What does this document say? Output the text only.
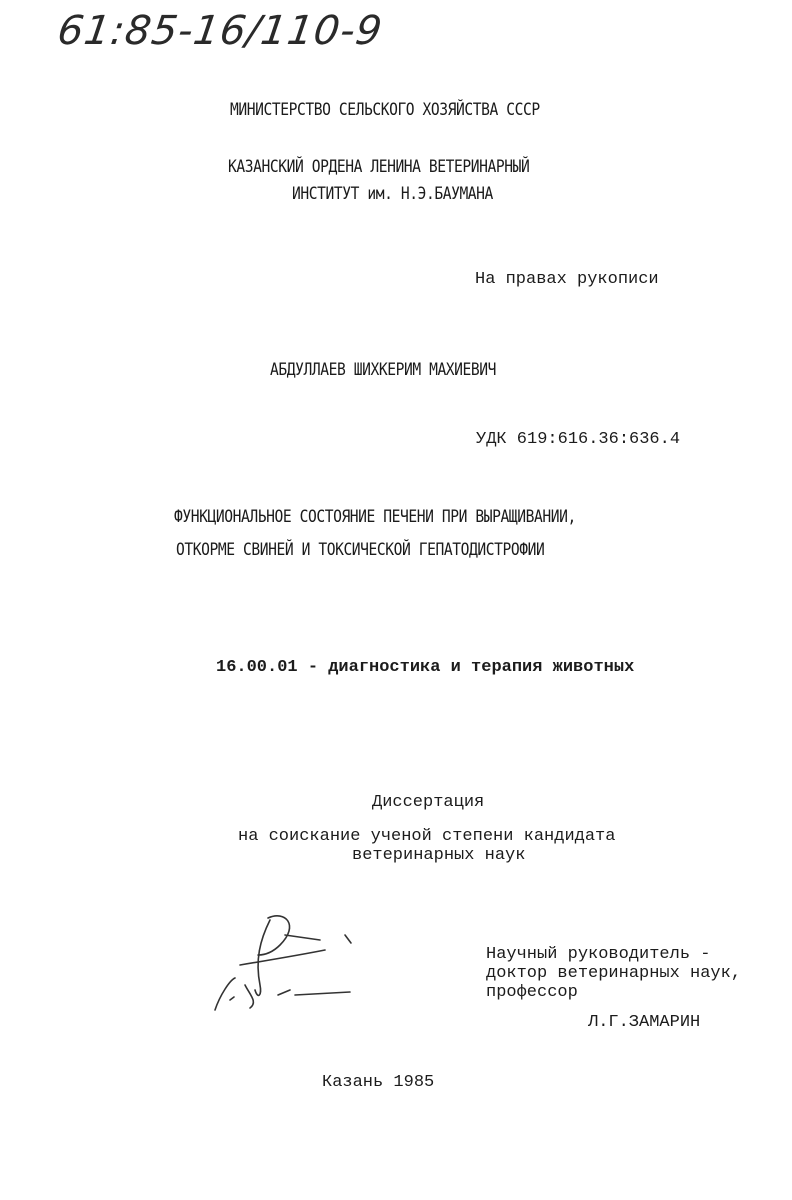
61:85-16/110-9
МИНИСТЕРСТВО СЕЛЬСКОГО ХОЗЯЙСТВА СССР
КАЗАНСКИЙ ОРДЕНА ЛЕНИНА ВЕТЕРИНАРНЫЙ
ИНСТИТУТ им. Н.Э.БАУМАНА
На правах рукописи
АБДУЛЛАЕВ ШИХКЕРИМ МАХИЕВИЧ
УДК 619:616.36:636.4
ФУНКЦИОНАЛЬНОЕ СОСТОЯНИЕ ПЕЧЕНИ ПРИ ВЫРАЩИВАНИИ,
ОТКОРМЕ СВИНЕЙ И ТОКСИЧЕСКОЙ ГЕПАТОДИСТРОФИИ
16.00.01 - диагностика и терапия животных
Диссертация
на соискание ученой степени кандидата
ветеринарных наук
Научный руководитель -
доктор ветеринарных наук,
профессор
Л.Г.ЗАМАРИН
Казань 1985
